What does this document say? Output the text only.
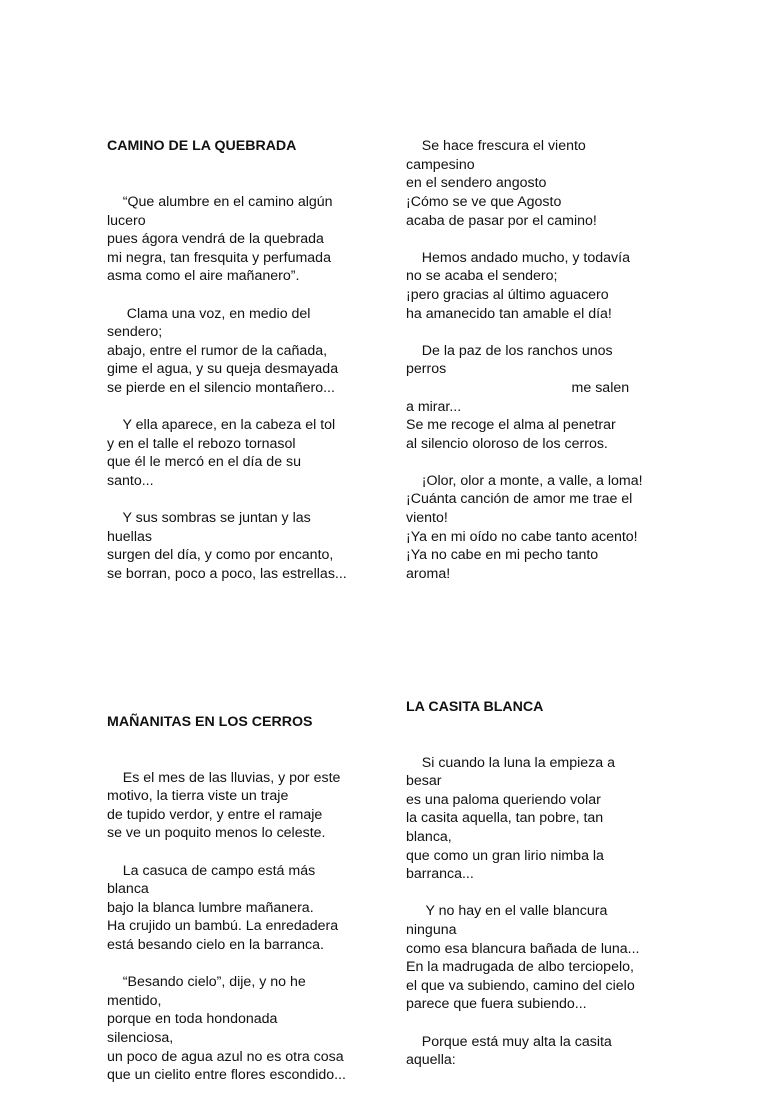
CAMINO DE LA QUEBRADA

“Que alumbre en el camino algún
lucero
pues ágora vendrá de la quebrada
mi negra, tan fresquita y perfumada
asma como el aire mañanero”.
Clama una voz, en medio del
sendero;
abajo, entre el rumor de la cañada,
gime el agua, y su queja desmayada
se pierde en el silencio montañero...
Y ella aparece, en la cabeza el tol
y en el talle el rebozo tornasol
que él le mercó en el día de su
santo...
Y sus sombras se juntan y las
huellas
surgen del día, y como por encanto,
se borran, poco a poco, las estrellas...

MAÑANITAS EN LOS CERROS

Es el mes de las lluvias, y por este
motivo, la tierra viste un traje
de tupido verdor, y entre el ramaje
se ve un poquito menos lo celeste.
La casuca de campo está más
blanca
bajo la blanca lumbre mañanera.
Ha crujido un bambú. La enredadera
está besando cielo en la barranca.
“Besando cielo”, dije, y no he
mentido,
porque en toda hondonada
silenciosa,
un poco de agua azul no es otra cosa
que un cielito entre flores escondido...

Se hace frescura el viento
campesino
en el sendero angosto
¡Cómo se ve que Agosto
acaba de pasar por el camino!
Hemos andado mucho, y todavía
no se acaba el sendero;
¡pero gracias al último aguacero
ha amanecido tan amable el día!
De la paz de los ranchos unos
perros
me salen
a mirar...
Se me recoge el alma al penetrar
al silencio oloroso de los cerros.
¡Olor, olor a monte, a valle, a loma!
¡Cuánta canción de amor me trae el
viento!
¡Ya en mi oído no cabe tanto acento!
¡Ya no cabe en mi pecho tanto
aroma!

LA CASITA BLANCA

Si cuando la luna la empieza a
besar
es una paloma queriendo volar
la casita aquella, tan pobre, tan
blanca,
que como un gran lirio nimba la
barranca...
Y no hay en el valle blancura
ninguna
como esa blancura bañada de luna...
En la madrugada de albo terciopelo,
el que va subiendo, camino del cielo
parece que fuera subiendo...
Porque está muy alta la casita
aquella:
